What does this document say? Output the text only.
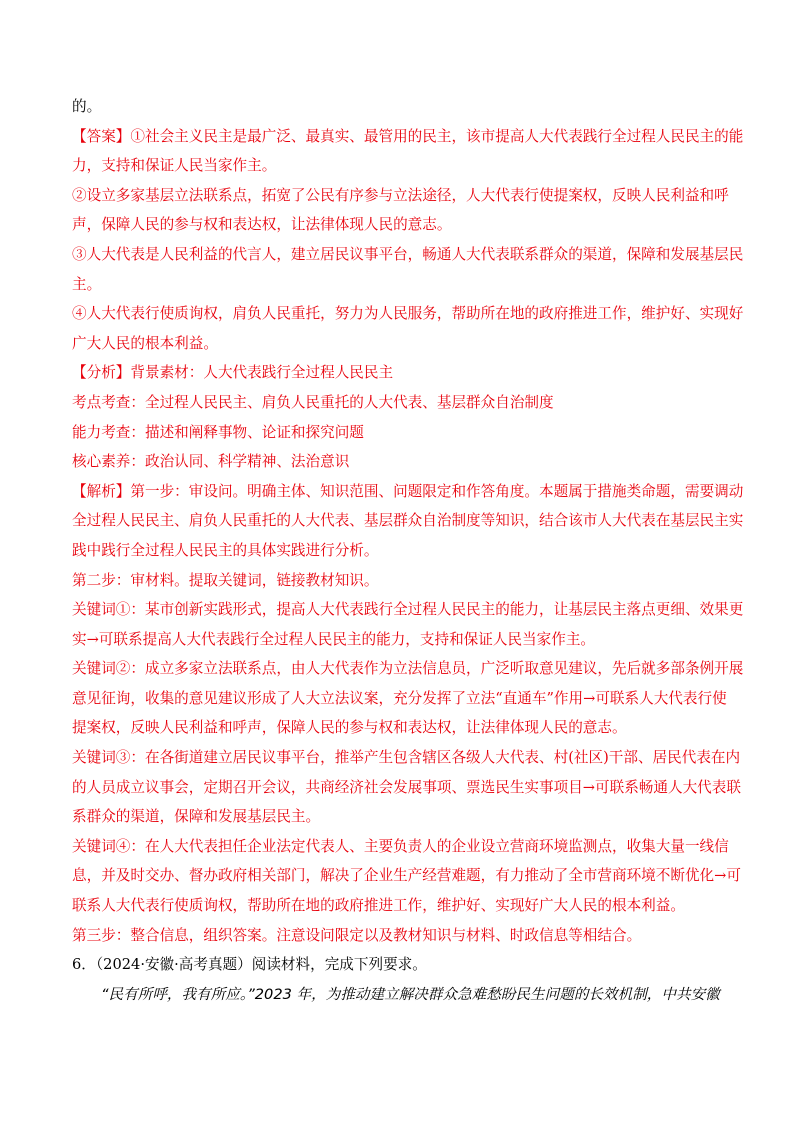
的。
【答案】①社会主义民主是最广泛、最真实、最管用的民主，该市提高人大代表践行全过程人民民主的能
力，支持和保证人民当家作主。
②设立多家基层立法联系点，拓宽了公民有序参与立法途径，人大代表行使提案权，反映人民利益和呼
声，保障人民的参与权和表达权，让法律体现人民的意志。
③人大代表是人民利益的代言人，建立居民议事平台，畅通人大代表联系群众的渠道，保障和发展基层民
主。
④人大代表行使质询权，肩负人民重托，努力为人民服务，帮助所在地的政府推进工作，维护好、实现好
广大人民的根本利益。
【分析】背景素材：人大代表践行全过程人民民主
考点考查：全过程人民民主、肩负人民重托的人大代表、基层群众自治制度
能力考查：描述和阐释事物、论证和探究问题
核心素养：政治认同、科学精神、法治意识
【解析】第一步：审设问。明确主体、知识范围、问题限定和作答角度。本题属于措施类命题，需要调动
全过程人民民主、肩负人民重托的人大代表、基层群众自治制度等知识，结合该市人大代表在基层民主实
践中践行全过程人民民主的具体实践进行分析。
第二步：审材料。提取关键词，链接教材知识。
关键词①：某市创新实践形式，提高人大代表践行全过程人民民主的能力，让基层民主落点更细、效果更
实→可联系提高人大代表践行全过程人民民主的能力，支持和保证人民当家作主。
关键词②：成立多家立法联系点，由人大代表作为立法信息员，广泛听取意见建议，先后就多部条例开展
意见征询，收集的意见建议形成了人大立法议案，充分发挥了立法“直通车”作用→可联系人大代表行使
提案权，反映人民利益和呼声，保障人民的参与权和表达权，让法律体现人民的意志。
关键词③：在各街道建立居民议事平台，推举产生包含辖区各级人大代表、村(社区)干部、居民代表在内
的人员成立议事会，定期召开会议，共商经济社会发展事项、票选民生实事项目→可联系畅通人大代表联
系群众的渠道，保障和发展基层民主。
关键词④：在人大代表担任企业法定代表人、主要负责人的企业设立营商环境监测点，收集大量一线信
息，并及时交办、督办政府相关部门，解决了企业生产经营难题，有力推动了全市营商环境不断优化→可
联系人大代表行使质询权，帮助所在地的政府推进工作，维护好、实现好广大人民的根本利益。
第三步：整合信息，组织答案。注意设问限定以及教材知识与材料、时政信息等相结合。
6．（2024·安徽·高考真题）阅读材料，完成下列要求。
“民有所呼，我有所应。”2023 年，为推动建立解决群众急难愁盼民生问题的长效机制，中共安徽
